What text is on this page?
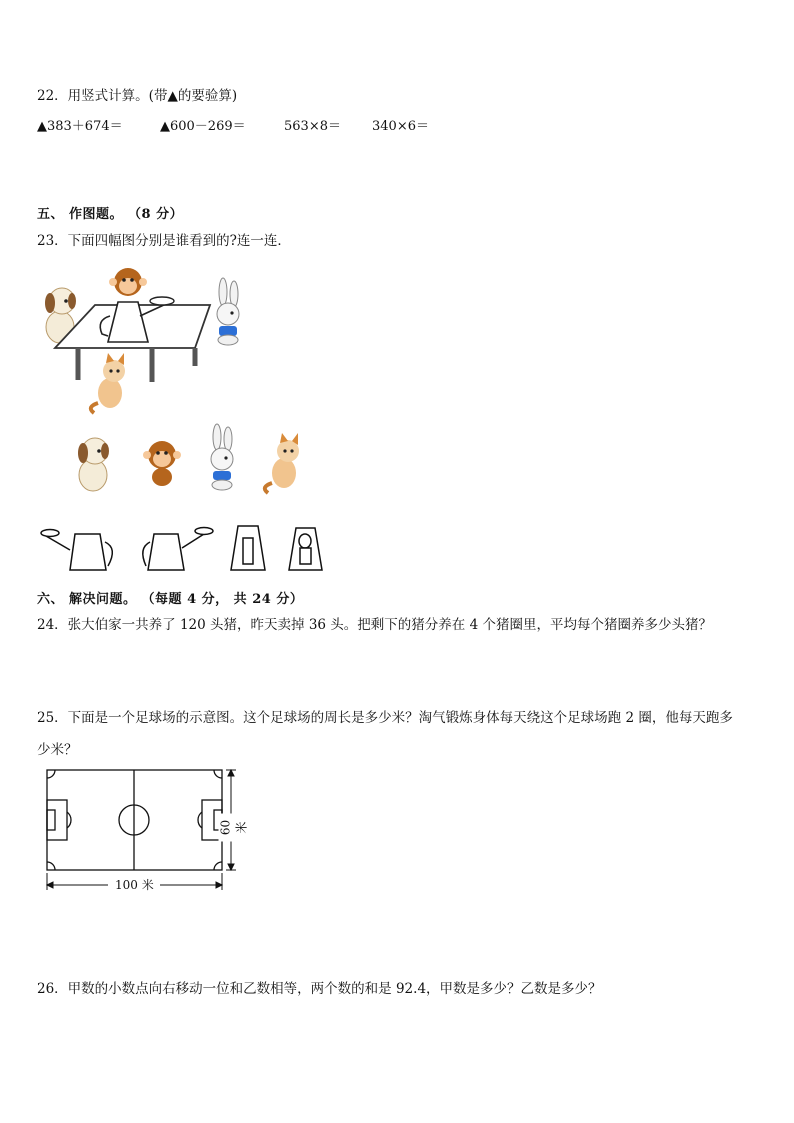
22．用竖式计算。(带▲的要验算)
▲383＋674＝	▲600－269＝	563×8＝ 340×6＝
五、 作图题。 （8 分）
23．下面四幅图分别是谁看到的?连一连．
六、 解决问题。 （每题 4 分， 共 24 分）
24．张大伯家一共养了 120 头猪，昨天卖掉 36 头。把剩下的猪分养在 4 个猪圈里，平均每个猪圈养多少头猪？
25．下面是一个足球场的示意图。这个足球场的周长是多少米？淘气锻炼身体每天绕这个足球场跑 2 圈，他每天跑多
少米？
100 米
60 米
26．甲数的小数点向右移动一位和乙数相等，两个数的和是 92.4，甲数是多少？乙数是多少？
